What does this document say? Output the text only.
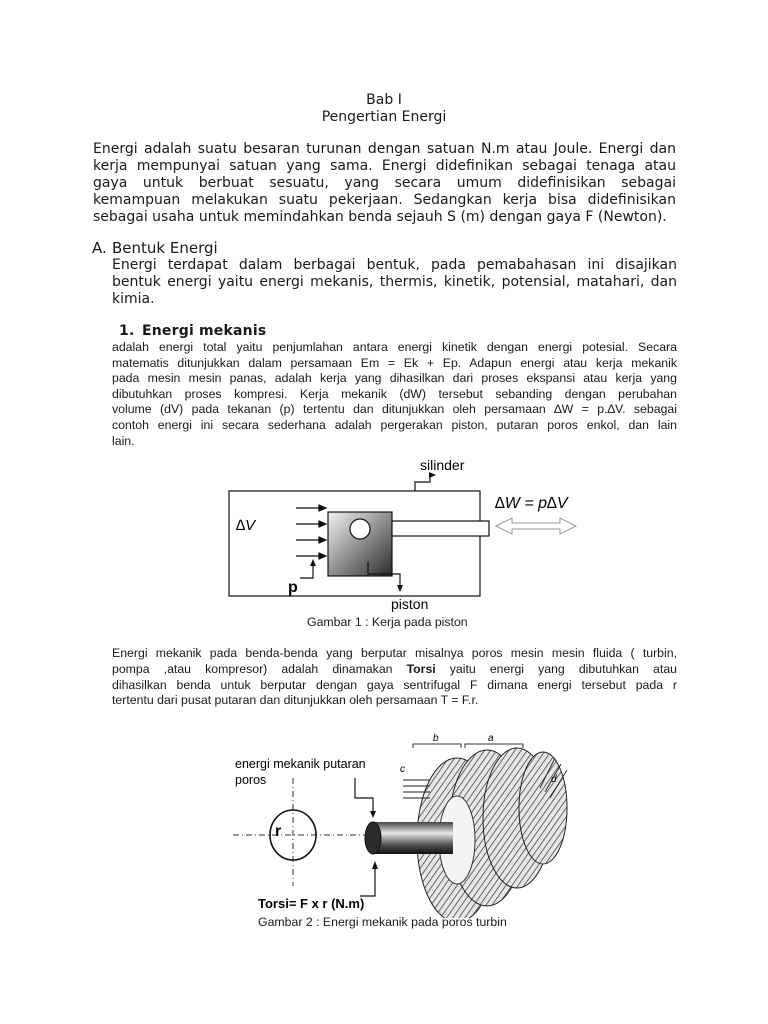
Bab I
Pengertian Energi
Energi adalah suatu besaran turunan dengan satuan N.m atau Joule. Energi dan
kerja mempunyai satuan yang sama. Energi didefinikan sebagai tenaga atau
gaya untuk berbuat sesuatu, yang secara umum didefinisikan sebagai
kemampuan melakukan suatu pekerjaan. Sedangkan kerja bisa didefinisikan
sebagai usaha untuk memindahkan benda sejauh S (m) dengan gaya F (Newton).
A. Bentuk Energi
Energi terdapat dalam berbagai bentuk, pada pemabahasan ini disajikan
bentuk energi yaitu energi mekanis, thermis, kinetik, potensial, matahari, dan
kimia.
1. Energi mekanis
adalah energi total yaitu penjumlahan antara energi kinetik dengan energi potesial. Secara
matematis ditunjukkan dalam persamaan Em = Ek + Ep. Adapun energi atau kerja mekanik
pada mesin mesin panas, adalah kerja yang dihasilkan dari proses ekspansi atau kerja yang
dibutuhkan proses kompresi. Kerja mekanik (dW) tersebut sebanding dengan perubahan
volume (dV) pada tekanan (p) tertentu dan ditunjukkan oleh persamaan ∆W = p.∆V. sebagai
contoh energi ini secara sederhana adalah pergerakan piston, putaran poros enkol, dan lain
lain.
∆V
p
silinder
piston
∆W = p∆V
Gambar 1 : Kerja pada piston
Energi mekanik pada benda-benda yang berputar misalnya poros mesin mesin fluida ( turbin,
pompa ,atau kompresor) adalah dinamakan Torsi yaitu energi yang dibutuhkan atau
dihasilkan benda untuk berputar dengan gaya sentrifugal F dimana energi tersebut pada r
tertentu dari pusat putaran dan ditunjukkan oleh persamaan T = F.r.
r
energi mekanik putaran
poros
Torsi= F x r (N.m)
b	a
c
d
Gambar 2 : Energi mekanik pada poros turbin
